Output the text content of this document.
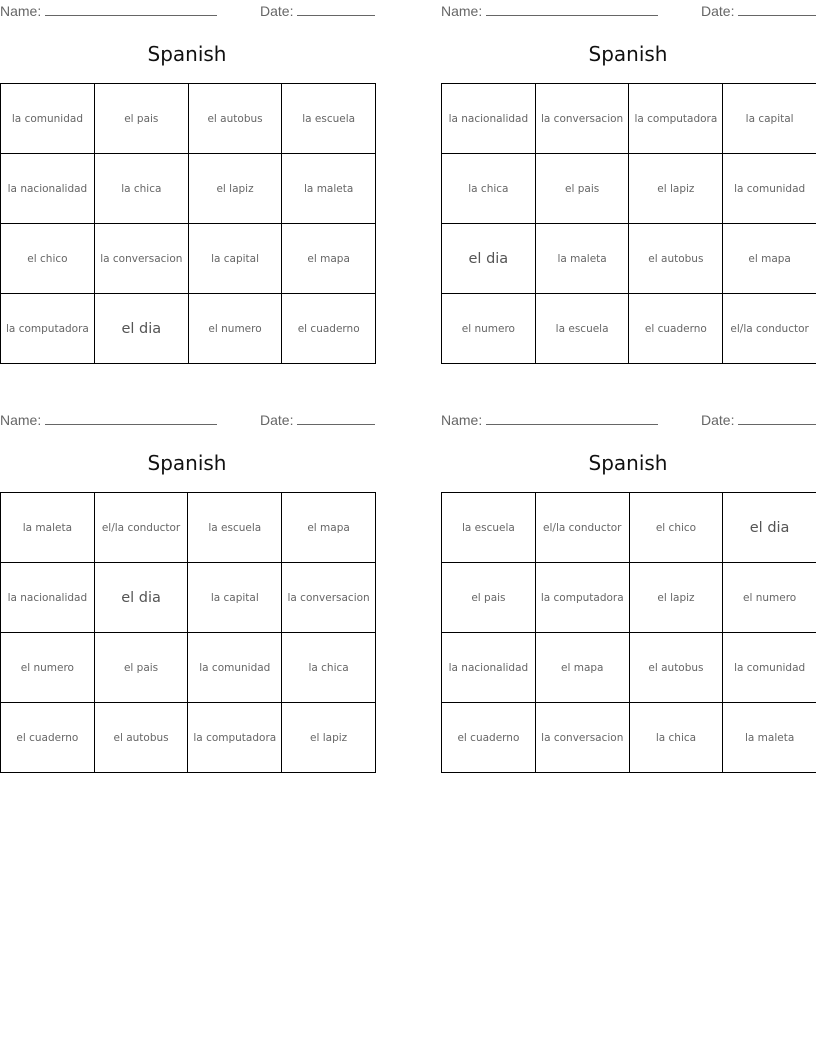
Name:	Date:
Spanish
la comunidad	el pais	el autobus	la escuela
la nacionalidad	la chica	el lapiz	la maleta
el chico	la conversacion	la capital	el mapa
la computadora	el dia	el numero	el cuaderno
Name:	Date:
Spanish
la nacionalidad	la conversacion	la computadora	la capital
la chica	el pais	el lapiz	la comunidad
el dia	la maleta	el autobus	el mapa
el numero	la escuela	el cuaderno	el/la conductor
Name:	Date:
Spanish
la maleta	el/la conductor	la escuela	el mapa
la nacionalidad	el dia	la capital	la conversacion
el numero	el pais	la comunidad	la chica
el cuaderno	el autobus	la computadora	el lapiz
Name:	Date:
Spanish
la escuela	el/la conductor	el chico	el dia
el pais	la computadora	el lapiz	el numero
la nacionalidad	el mapa	el autobus	la comunidad
el cuaderno	la conversacion	la chica	la maleta
